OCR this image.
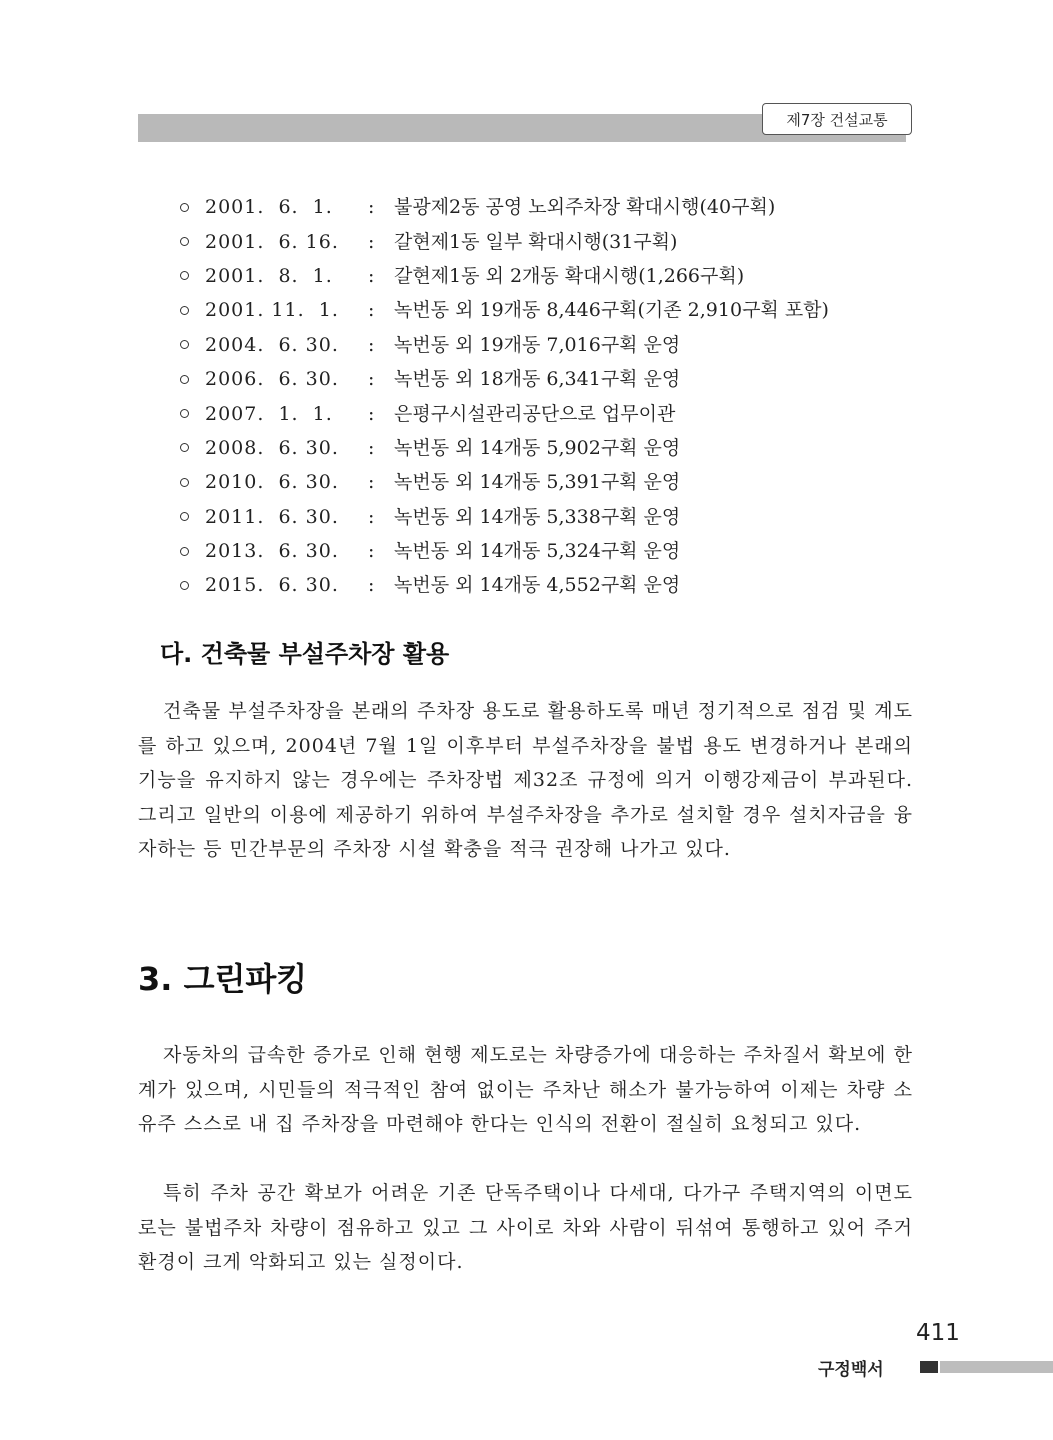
제7장 건설교통
2001.  6.  1.	:	불광제2동 공영 노외주차장 확대시행(40구획)
2001.  6. 16.	:	갈현제1동 일부 확대시행(31구획)
2001.  8.  1.	:	갈현제1동 외 2개동 확대시행(1,266구획)
2001. 11.  1.	:	녹번동 외 19개동 8,446구획(기존 2,910구획 포함)
2004.  6. 30.	:	녹번동 외 19개동 7,016구획 운영
2006.  6. 30.	:	녹번동 외 18개동 6,341구획 운영
2007.  1.  1.	:	은평구시설관리공단으로 업무이관
2008.  6. 30.	:	녹번동 외 14개동 5,902구획 운영
2010.  6. 30.	:	녹번동 외 14개동 5,391구획 운영
2011.  6. 30.	:	녹번동 외 14개동 5,338구획 운영
2013.  6. 30.	:	녹번동 외 14개동 5,324구획 운영
2015.  6. 30.	:	녹번동 외 14개동 4,552구획 운영
다. 건축물 부설주차장 활용

건축물 부설주차장을 본래의 주차장 용도로 활용하도록 매년 정기적으로 점검 및 계도를 하고 있으며, 2004년 7월 1일 이후부터 부설주차장을 불법 용도 변경하거나 본래의 기능을 유지하지 않는 경우에는 주차장법 제32조 규정에 의거 이행강제금이 부과된다. 그리고 일반의 이용에 제공하기 위하여 부설주차장을 추가로 설치할 경우 설치자금을 융자하는 등 민간부문의 주차장 시설 확충을 적극 권장해 나가고 있다.

3. 그린파킹

자동차의 급속한 증가로 인해 현행 제도로는 차량증가에 대응하는 주차질서 확보에 한계가 있으며, 시민들의 적극적인 참여 없이는 주차난 해소가 불가능하여 이제는 차량 소유주 스스로 내 집 주차장을 마련해야 한다는 인식의 전환이 절실히 요청되고 있다.

특히 주차 공간 확보가 어려운 기존 단독주택이나 다세대, 다가구 주택지역의 이면도로는 불법주차 차량이 점유하고 있고 그 사이로 차와 사람이 뒤섞여 통행하고 있어 주거환경이 크게 악화되고 있는 실정이다.

411
구정백서
